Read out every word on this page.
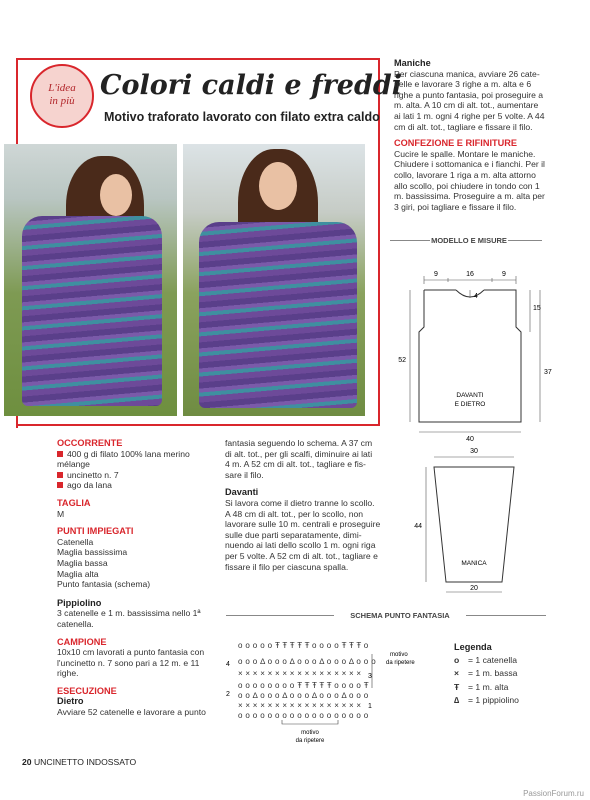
L'idea
in più Colori caldi e freddi
Motivo traforato lavorato con filato extra caldo
Maniche
Per ciascuna manica, avviare 26 cate-
nelle e lavorare 3 righe a m. alta e 6
righe a punto fantasia, poi proseguire a
m. alta. A 10 cm di alt. tot., aumentare
ai lati 1 m. ogni 4 righe per 5 volte. A 44
cm di alt. tot., tagliare e fissare il filo.
CONFEZIONE E RIFINITURE
Cucire le spalle. Montare le maniche.
Chiudere i sottomanica e i fianchi. Per il
collo, lavorare 1 riga a m. alta attorno
allo scollo, poi chiudere in tondo con 1
m. bassissima. Proseguire a m. alta per
3 giri, poi tagliare e fissare il filo.
MODELLO E MISURE
9	16	9
4
15
52
37
DAVANTI
E DIETRO
40
30
44
MANICA
20
OCCORRENTE
400 g di filato 100% lana merino
mélange
uncinetto n. 7
ago da lana
TAGLIA
M
PUNTI IMPIEGATI
Catenella
Maglia bassissima
Maglia bassa
Maglia alta
Punto fantasia (schema)
Pippiolino
3 catenelle e 1 m. bassissima nello 1ª
catenella.
CAMPIONE
10x10 cm lavorati a punto fantasia con
l'uncinetto n. 7 sono pari a 12 m. e 11
righe.
ESECUZIONE
Dietro
Avviare 52 catenelle e lavorare a punto
fantasia seguendo lo schema. A 37 cm
di alt. tot., per gli scalfi, diminuire ai lati
4 m. A 52 cm di alt. tot., tagliare e fis-
sare il filo.
Davanti
Si lavora come il dietro tranne lo scollo.
A 48 cm di alt. tot., per lo scollo, non
lavorare sulle 10 m. centrali e proseguire
sulle due parti separatamente, dimi-
nuendo ai lati dello scollo 1 m. ogni riga
per 5 volte. A 52 cm di alt. tot., tagliare e
fissare il filo per ciascuna spalla.
SCHEMA PUNTO FANTASIA
o o o o o Ŧ Ŧ Ŧ Ŧ Ŧ o o o o Ŧ Ŧ Ŧ o
o o o ∆ o o o ∆ o o o ∆ o o o ∆ o o o
× × × × × × × × × × × × × × × × ×
o o o o o o o o Ŧ Ŧ Ŧ Ŧ Ŧ o o o o Ŧ
o o ∆ o o o ∆ o o o ∆ o o o ∆ o o o
× × × × × × × × × × × × × × × × ×
o o o o o o o o o o o o o o o o o o
motivo
da ripetere
motivo
da ripetere
4
3
2
1
Legenda
o = 1 catenella
× = 1 m. bassa
Ŧ = 1 m. alta
∆ = 1 pippiolino
20 UNCINETTO INDOSSATO
PassionForum.ru
